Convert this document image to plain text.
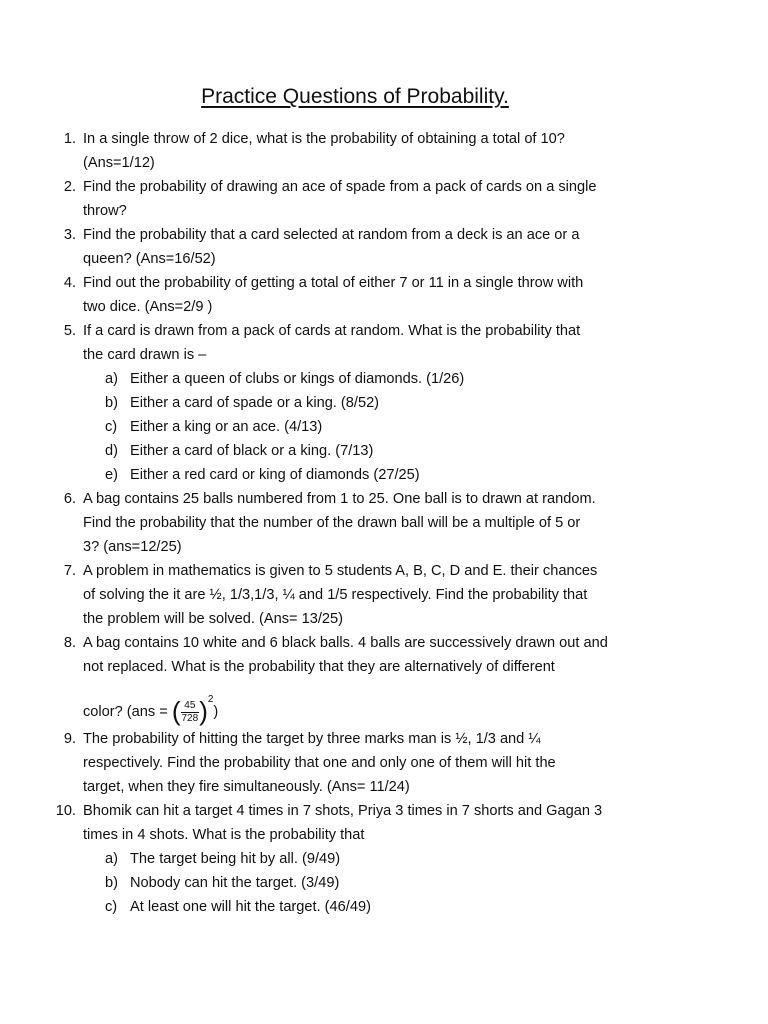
Practice Questions of Probability.
1. In a single throw of 2 dice, what is the probability of obtaining a total of 10?
(Ans=1/12)
2. Find the probability of drawing an ace of spade from a pack of cards on a single
throw?
3. Find the probability that a card selected at random from a deck is an ace or a
queen? (Ans=16/52)
4. Find out the probability of getting a total of either 7 or 11 in a single throw with
two dice. (Ans=2/9 )
5. If a card is drawn from a pack of cards at random. What is the probability that
the card drawn is –
a) Either a queen of clubs or kings of diamonds. (1/26)
b) Either a card of spade or a king. (8/52)
c) Either a king or an ace. (4/13)
d) Either a card of black or a king. (7/13)
e) Either a red card or king of diamonds (27/25)
6. A bag contains 25 balls numbered from 1 to 25. One ball is to drawn at random.
Find the probability that the number of the drawn ball will be a multiple of 5 or
3? (ans=12/25)
7. A problem in mathematics is given to 5 students A, B, C, D and E. their chances
of solving the it are ½, 1/3,1/3, ¼ and 1/5 respectively. Find the probability that
the problem will be solved. (Ans= 13/25)
8. A bag contains 10 white and 6 black balls. 4 balls are successively drawn out and
not replaced. What is the probability that they are alternatively of different
color? (ans = ( $\frac{45}{728} )^2$)
9. The probability of hitting the target by three marks man is ½, 1/3 and ¼
respectively. Find the probability that one and only one of them will hit the
target, when they fire simultaneously. (Ans= 11/24)
10. Bhomik can hit a target 4 times in 7 shots, Priya 3 times in 7 shorts and Gagan 3
times in 4 shots. What is the probability that
a) The target being hit by all. (9/49)
b) Nobody can hit the target. (3/49)
c) At least one will hit the target. (46/49)
